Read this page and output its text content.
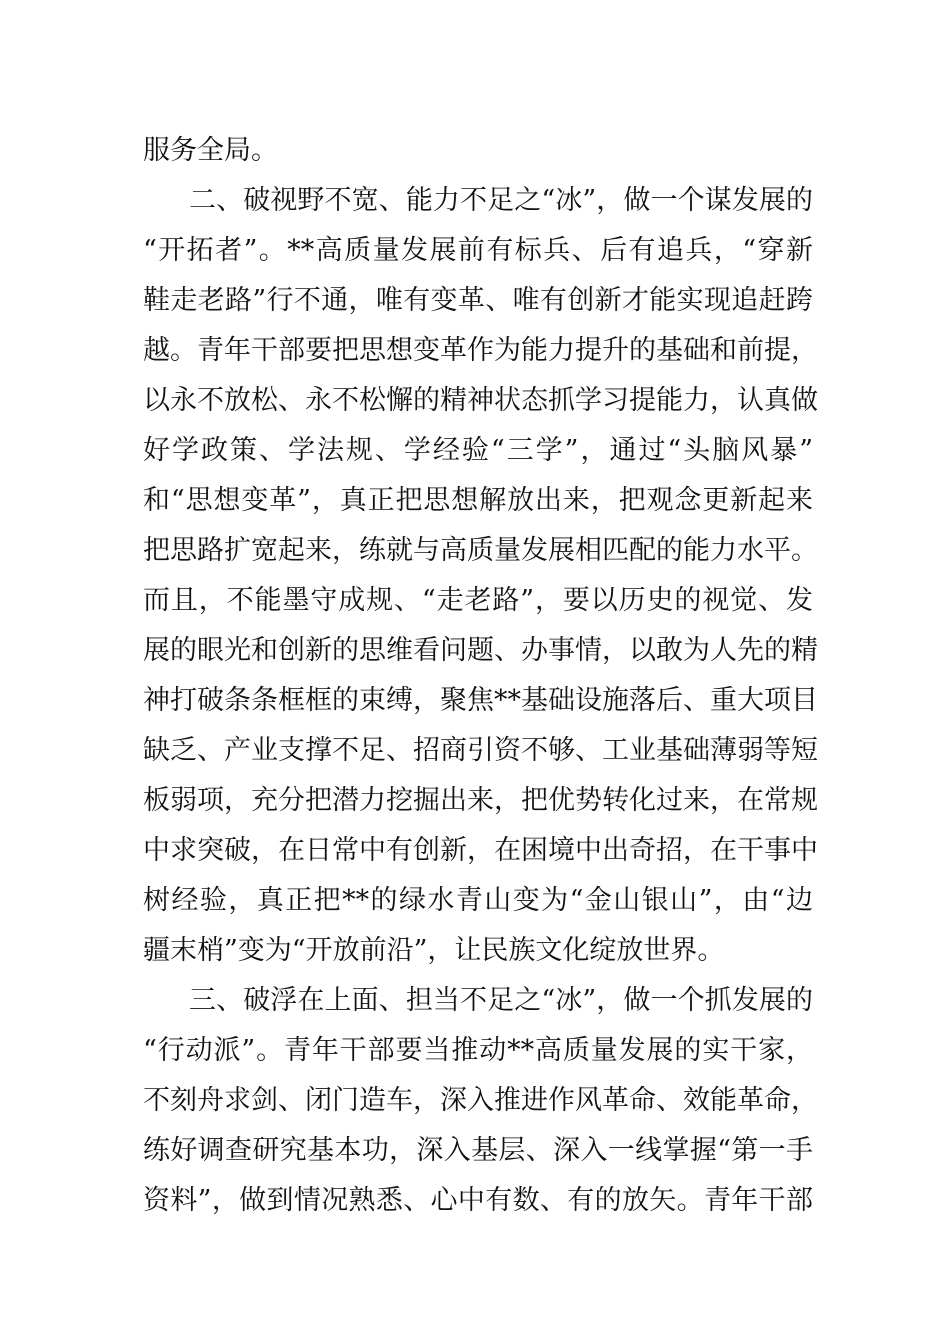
服务全局。
二、破视野不宽、能力不足之“冰”，做一个谋发展的
“开拓者”。**高质量发展前有标兵、后有追兵，“穿新
鞋走老路”行不通，唯有变革、唯有创新才能实现追赶跨
越。青年干部要把思想变革作为能力提升的基础和前提，
以永不放松、永不松懈的精神状态抓学习提能力，认真做
好学政策、学法规、学经验“三学”，通过“头脑风暴”
和“思想变革”，真正把思想解放出来，把观念更新起来
把思路扩宽起来，练就与高质量发展相匹配的能力水平。
而且，不能墨守成规、“走老路”，要以历史的视觉、发
展的眼光和创新的思维看问题、办事情，以敢为人先的精
神打破条条框框的束缚，聚焦**基础设施落后、重大项目
缺乏、产业支撑不足、招商引资不够、工业基础薄弱等短
板弱项，充分把潜力挖掘出来，把优势转化过来，在常规
中求突破，在日常中有创新，在困境中出奇招，在干事中
树经验，真正把**的绿水青山变为“金山银山”，由“边
疆末梢”变为“开放前沿”，让民族文化绽放世界。
三、破浮在上面、担当不足之“冰”，做一个抓发展的
“行动派”。青年干部要当推动**高质量发展的实干家，
不刻舟求剑、闭门造车，深入推进作风革命、效能革命，
练好调查研究基本功，深入基层、深入一线掌握“第一手
资料”，做到情况熟悉、心中有数、有的放矢。青年干部
